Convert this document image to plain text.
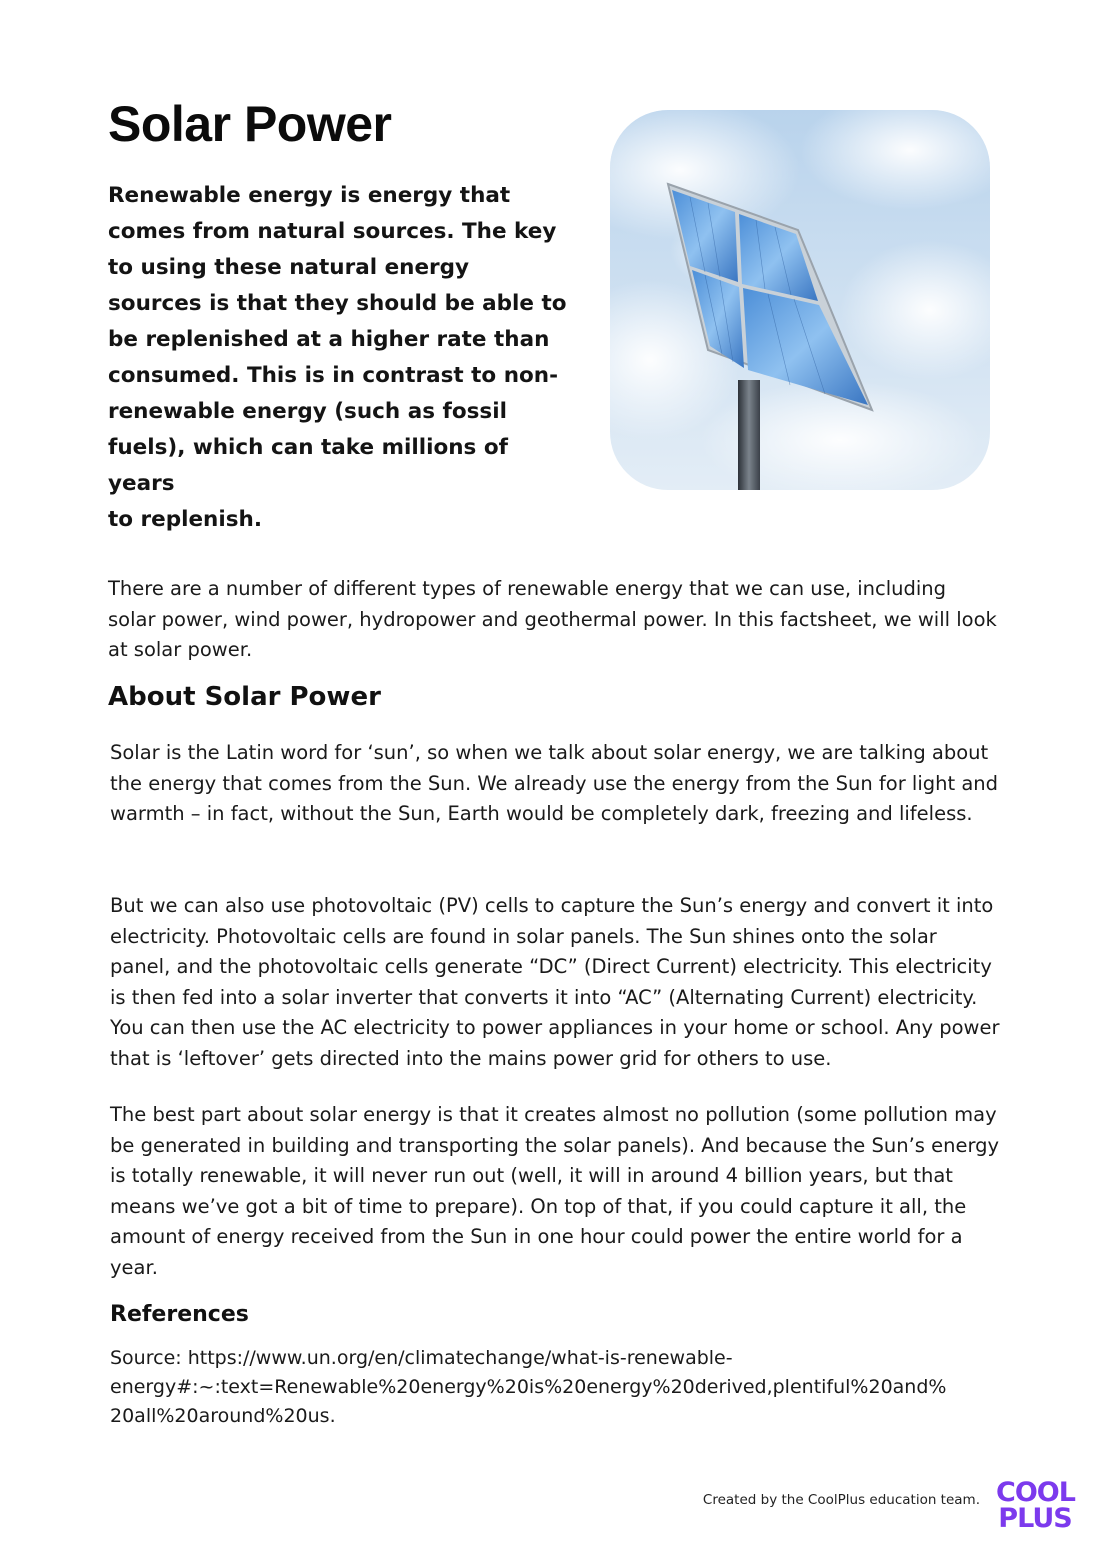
Solar Power

Renewable energy is energy that comes from natural sources. The key to using these natural energy sources is that they should be able to be replenished at a higher rate than consumed. This is in contrast to non-renewable energy (such as fossil fuels), which can take millions of years
to replenish.

There are a number of different types of renewable energy that we can use, including solar power, wind power, hydropower and geothermal power. In this factsheet, we will look at solar power.

About Solar Power

Solar is the Latin word for ‘sun’, so when we talk about solar energy, we are talking about the energy that comes from the Sun. We already use the energy from the Sun for light and warmth – in fact, without the Sun, Earth would be completely dark, freezing and lifeless.

But we can also use photovoltaic (PV) cells to capture the Sun’s energy and convert it into electricity. Photovoltaic cells are found in solar panels. The Sun shines onto the solar panel, and the photovoltaic cells generate “DC” (Direct Current) electricity. This electricity is then fed into a solar inverter that converts it into “AC” (Alternating Current) electricity. You can then use the AC electricity to power appliances in your home or school. Any power that is ‘leftover’ gets directed into the mains power grid for others to use.

The best part about solar energy is that it creates almost no pollution (some pollution may be generated in building and transporting the solar panels). And because the Sun’s energy is totally renewable, it will never run out (well, it will in around 4 billion years, but that means we’ve got a bit of time to prepare). On top of that, if you could capture it all, the amount of energy received from the Sun in one hour could power the entire world for a year.

References

Source: https://www.un.org/en/climatechange/what-is-renewable-
energy#:~:text=Renewable%20energy%20is%20energy%20derived,plentiful%20and%
20all%20around%20us.

Created by the CoolPlus education team. COOL
PLUS
